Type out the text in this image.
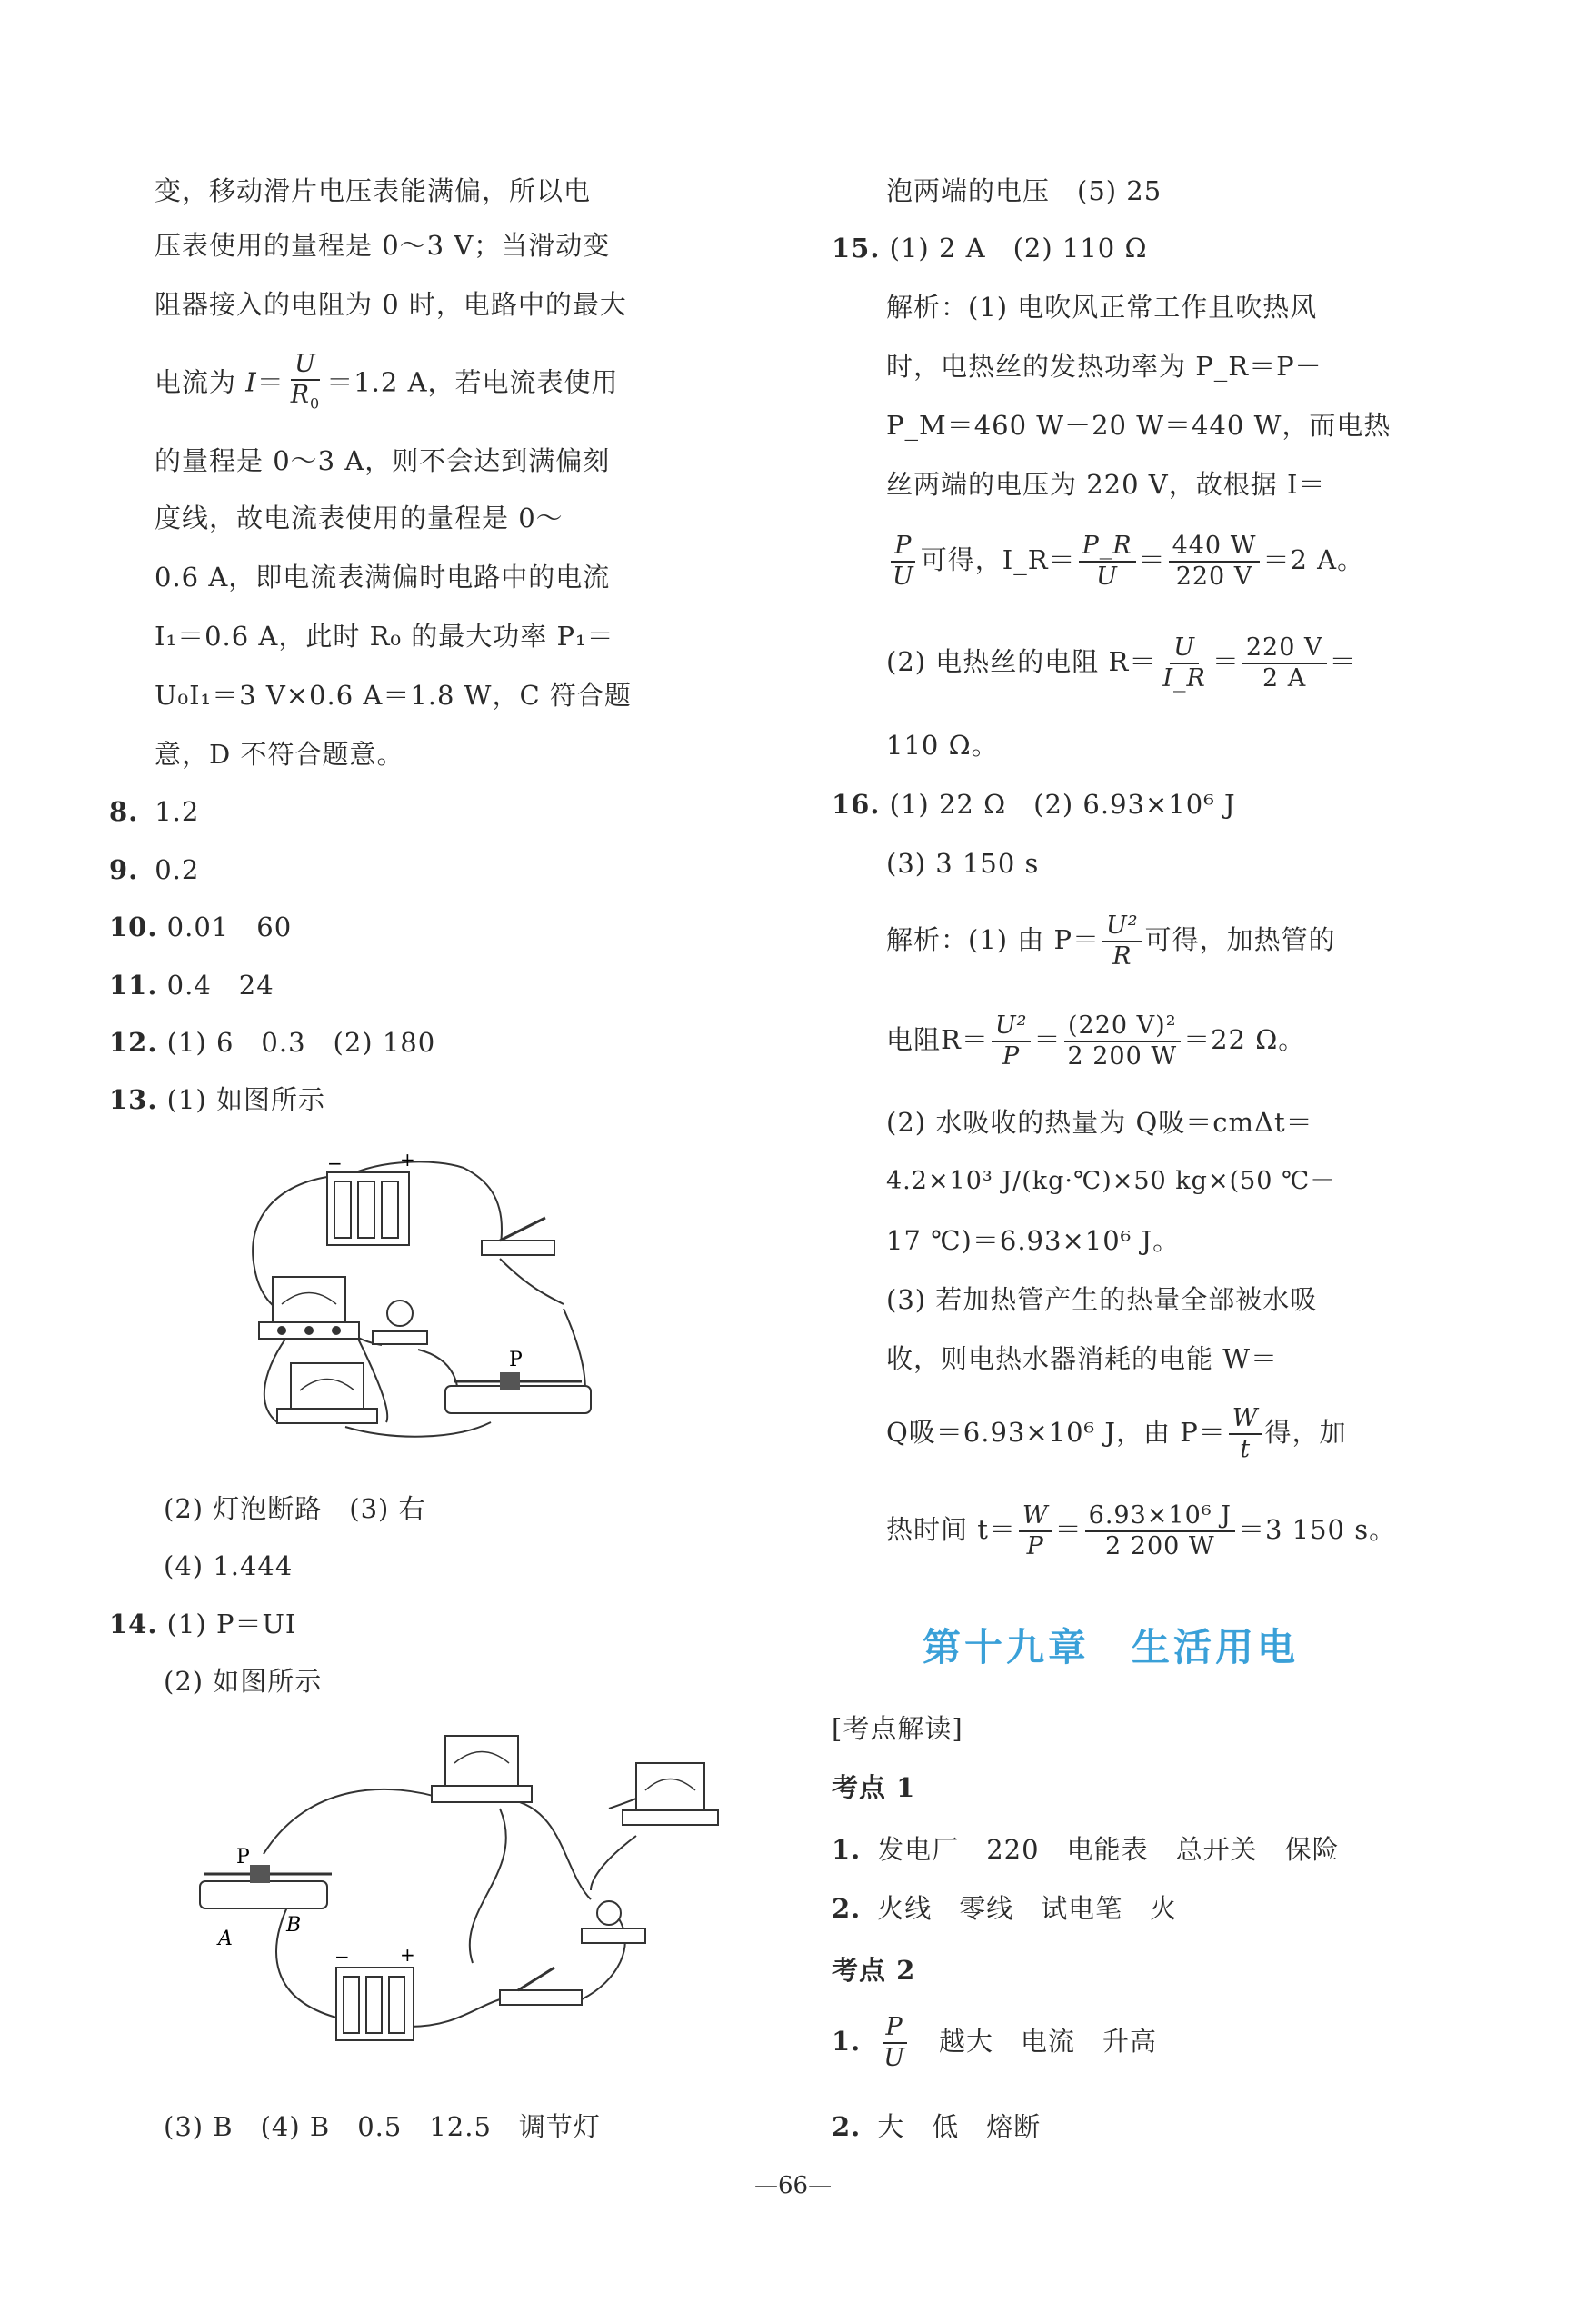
变，移动滑片电压表能满偏，所以电
压表使用的量程是 0～3 V；当滑动变
阻器接入的电阻为 0 时，电路中的最大
电流为 $I= \frac{U}{R_0} =1.2$ A，若电流表使用
的量程是 0～3 A，则不会达到满偏刻
度线，故电流表使用的量程是 0～
0.6 A，即电流表满偏时电路中的电流
I₁＝0.6 A，此时 R₀ 的最大功率 P₁＝
U₀I₁＝3 V×0.6 A＝1.8 W，C 符合题
意，D 不符合题意。
8. 1.2
9. 0.2
10. 0.01　60
11. 0.4　24
12. (1) 6　0.3　(2) 180
13. (1) 如图所示
−	+
P
(2) 灯泡断路　(3) 右
(4) 1.444
14. (1) P＝UI
(2) 如图所示
P
A
B
−	+
(3) B　(4) B　0.5　12.5　调节灯
泡两端的电压　(5) 25
15. (1) 2 A　(2) 110 Ω
解析：(1) 电吹风正常工作且吹热风
时，电热丝的发热功率为 P_R＝P－
P_M＝460 W－20 W＝440 W，而电热
丝两端的电压为 220 V，故根据 I＝
$\frac{P}{U}$ 可得，I_R＝ $\frac{P\_R}{U} = \frac{440 W}{220 V} =2$ A。
(2) 电热丝的电阻 $R= \frac{U}{I\_R} = \frac{220 V}{2 A}$ ＝
110 Ω。
16. (1) 22 Ω　(2) 6.93×10⁶ J
(3) 3 150 s
解析：(1) 由 $P= \frac{\text{U²}}{R}$ 可得，加热管的
电阻$R= \frac{\text{U²}}{P} = \frac{\text{(220 V)²}}{2 200 W} =22$ Ω。
(2) 水吸收的热量为 Q吸＝cmΔt＝
4.2×10³ J/(kg·℃)×50 kg×(50 ℃－
17 ℃)＝6.93×10⁶ J。
(3) 若加热管产生的热量全部被水吸
收，则电热水器消耗的电能 W＝
Q吸＝6.93×10⁶ J，由 $P= \frac{W}{t}$ 得，加
热时间 $t= \frac{W}{P} = \frac{\text{6.93×10⁶ J}}{2 200 W} =3$ 150 s。
第十九章　生活用电
[考点解读]
考点 1
1. 发电厂　220　电能表　总开关　保险
2. 火线　零线　试电笔　火
考点 2
1. $\frac{P}{U}$
　 越大　电流　升高
2. 大　低　熔断
—66—
